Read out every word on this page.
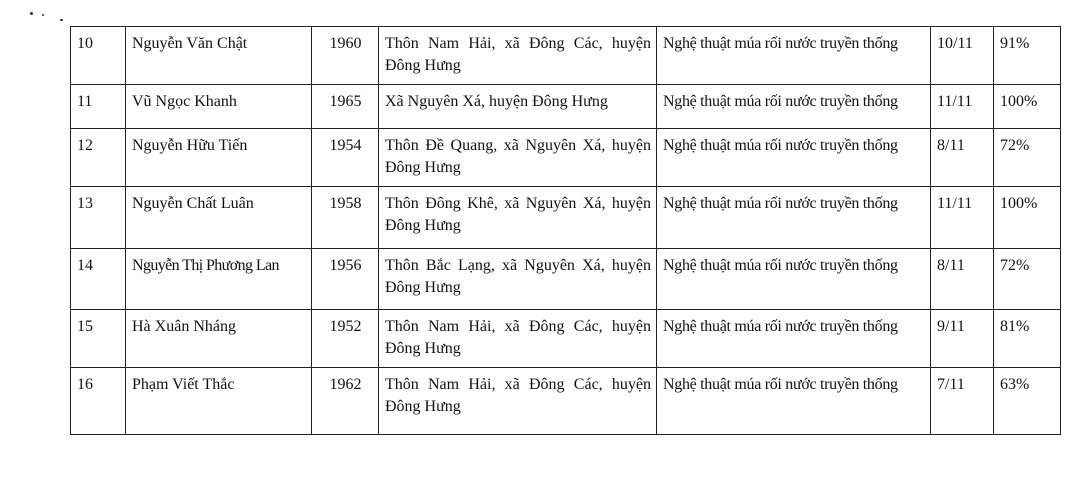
10	Nguyễn Văn Chật	1960	Thôn Nam Hải, xã Đông Các, huyện Đông Hưng	Nghệ thuật múa rối nước truyền thống	10/11	91%
11	Vũ Ngọc Khanh	1965	Xã Nguyên Xá, huyện Đông Hưng	Nghệ thuật múa rối nước truyền thống	11/11	100%
12	Nguyễn Hữu Tiến	1954	Thôn Đề Quang, xã Nguyên Xá, huyện Đông Hưng	Nghệ thuật múa rối nước truyền thống	8/11	72%
13	Nguyễn Chất Luân	1958	Thôn Đông Khê, xã Nguyên Xá, huyện Đông Hưng	Nghệ thuật múa rối nước truyền thống	11/11	100%
14	Nguyễn Thị Phương Lan	1956	Thôn Bắc Lạng, xã Nguyên Xá, huyện Đông Hưng	Nghệ thuật múa rối nước truyền thống	8/11	72%
15	Hà Xuân Nháng	1952	Thôn Nam Hải, xã Đông Các, huyện Đông Hưng	Nghệ thuật múa rối nước truyền thống	9/11	81%
16	Phạm Viết Thắc	1962	Thôn Nam Hải, xã Đông Các, huyện Đông Hưng	Nghệ thuật múa rối nước truyền thống	7/11	63%
